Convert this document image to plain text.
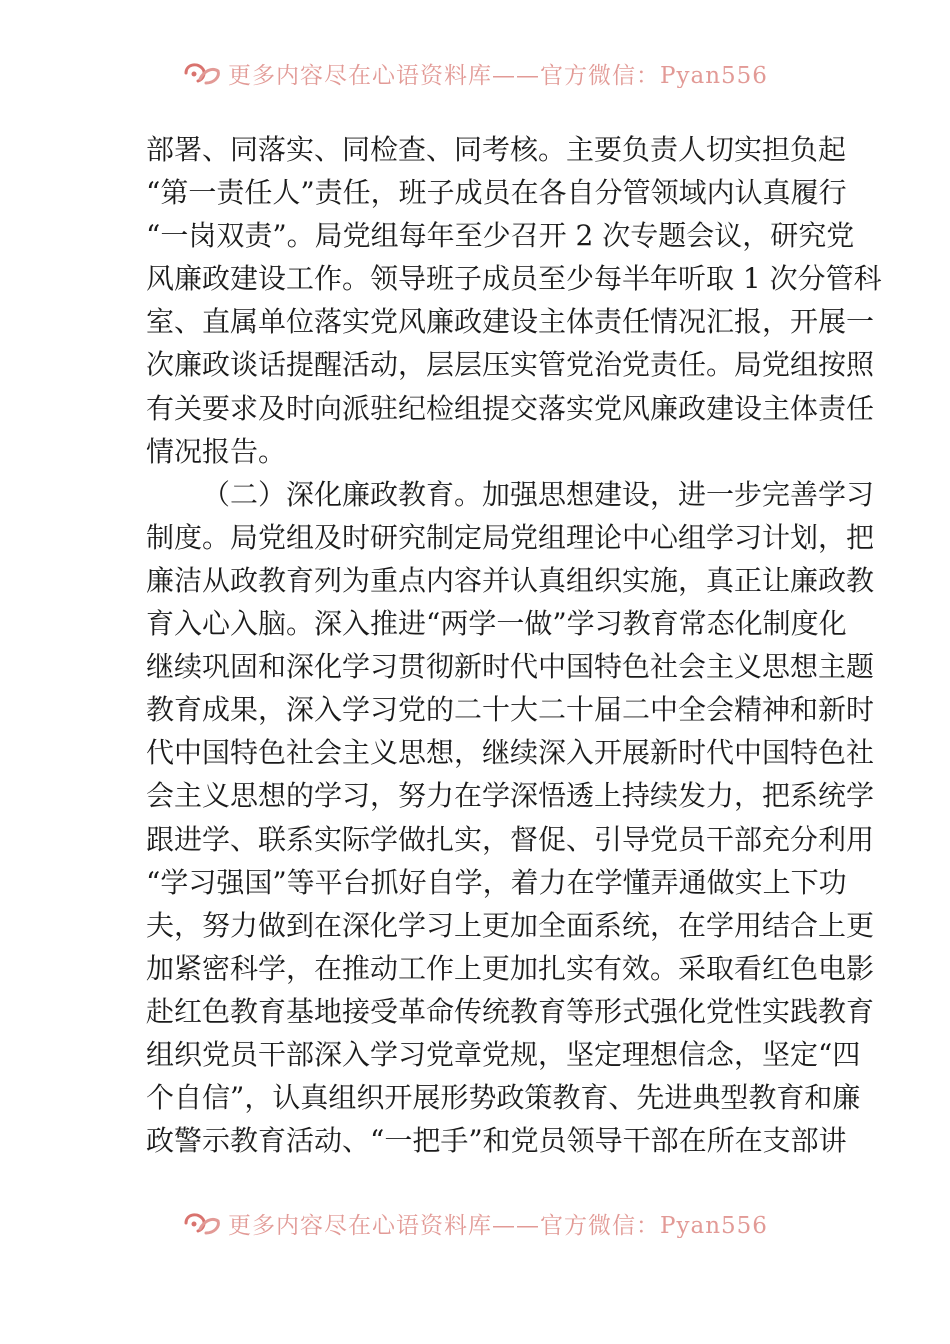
更多内容尽在心语资料库——官方微信：Pyan556
部署、同落实、同检查、同考核。主要负责人切实担负起
“第一责任人”责任，班子成员在各自分管领域内认真履行
“一岗双责”。局党组每年至少召开 2 次专题会议，研究党
风廉政建设工作。领导班子成员至少每半年听取 1 次分管科
室、直属单位落实党风廉政建设主体责任情况汇报，开展一
次廉政谈话提醒活动，层层压实管党治党责任。局党组按照
有关要求及时向派驻纪检组提交落实党风廉政建设主体责任
情况报告。
（二）深化廉政教育。加强思想建设，进一步完善学习
制度。局党组及时研究制定局党组理论中心组学习计划，把
廉洁从政教育列为重点内容并认真组织实施，真正让廉政教
育入心入脑。深入推进“两学一做”学习教育常态化制度化
继续巩固和深化学习贯彻新时代中国特色社会主义思想主题
教育成果，深入学习党的二十大二十届二中全会精神和新时
代中国特色社会主义思想，继续深入开展新时代中国特色社
会主义思想的学习，努力在学深悟透上持续发力，把系统学
跟进学、联系实际学做扎实，督促、引导党员干部充分利用
“学习强国”等平台抓好自学，着力在学懂弄通做实上下功
夫，努力做到在深化学习上更加全面系统，在学用结合上更
加紧密科学，在推动工作上更加扎实有效。采取看红色电影
赴红色教育基地接受革命传统教育等形式强化党性实践教育
组织党员干部深入学习党章党规，坚定理想信念，坚定“四
个自信”，认真组织开展形势政策教育、先进典型教育和廉
政警示教育活动、“一把手”和党员领导干部在所在支部讲
更多内容尽在心语资料库——官方微信：Pyan556
